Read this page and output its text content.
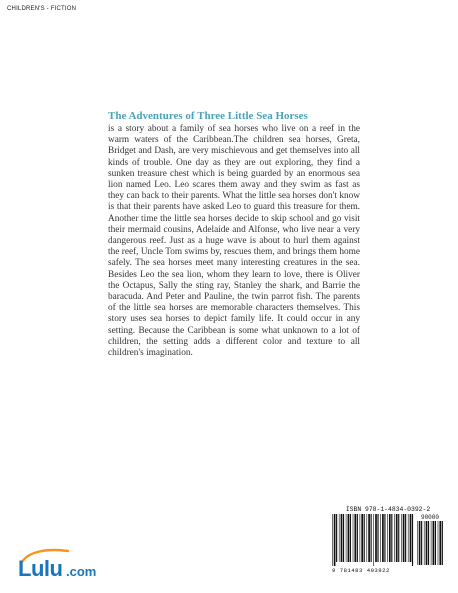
CHILDREN'S - FICTION
The Adventures of Three Little Sea Horses

is a story about a family of sea horses who live on a reef in the warm waters of the Caribbean.The children sea horses, Greta, Bridget and Dash, are very mischievous and get themselves into all kinds of trouble. One day as they are out exploring, they find a sunken treasure chest which is being guarded by an enormous sea lion named Leo. Leo scares them away and they swim as fast as they can back to their parents. What the little sea horses don't know is that their parents have asked Leo to guard this treasure for them. Another time the little sea horses decide to skip school and go visit their mermaid cousins, Adelaide and Alfonse, who live near a very dangerous reef. Just as a huge wave is about to hurl them against the reef, Uncle Tom swims by, rescues them, and brings them home safely. The sea horses meet many interesting creatures in the sea. Besides Leo the sea lion, whom they learn to love, there is Oliver the Octapus, Sally the sting ray, Stanley the shark, and Barrie the baracuda. And Peter and Pauline, the twin parrot fish. The parents of the little sea horses are memorable characters themselves. This story uses sea horses to depict family life. It could occur in any setting. Because the Caribbean is some what unknown to a lot of children, the setting adds a different color and texture to all children's imagination.

ISBN 978-1-4834-0392-2
90000
9 781483 403922
Lulu .com
